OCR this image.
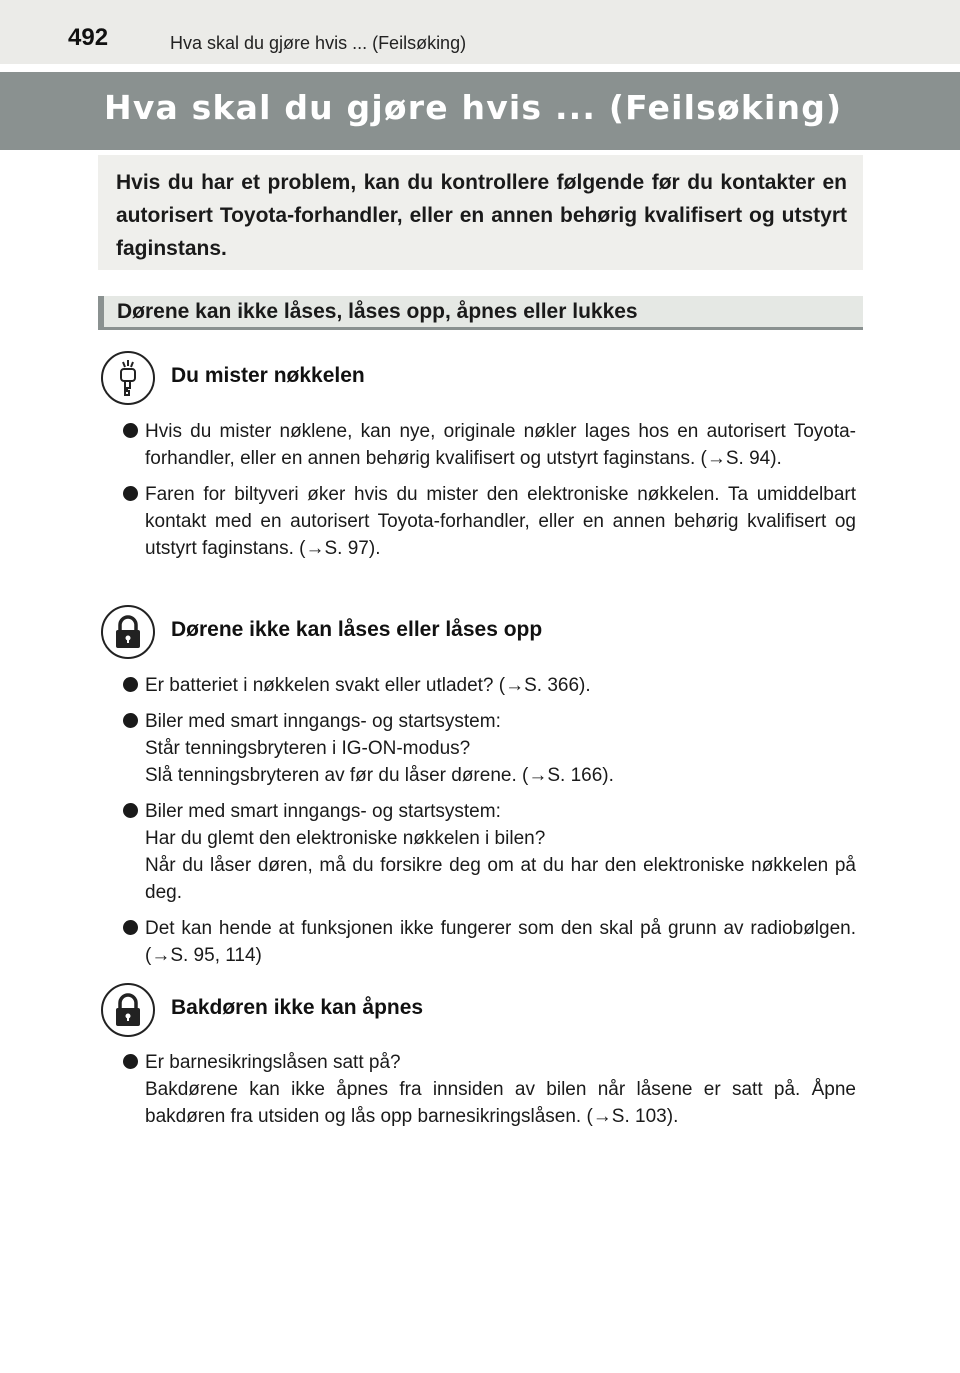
492	Hva skal du gjøre hvis ... (Feilsøking)
Hva skal du gjøre hvis ... (Feilsøking)

Hvis du har et problem, kan du kontrollere følgende før du kontakter en autorisert Toyota-forhandler, eller en annen behørig kvalifisert og utstyrt faginstans.

Dørene kan ikke låses, låses opp, åpnes eller lukkes
Du mister nøkkelen
Hvis du mister nøklene, kan nye, originale nøkler lages hos en autorisert Toyota-forhandler, eller en annen behørig kvalifisert og utstyrt faginstans. (→S. 94).
Faren for biltyveri øker hvis du mister den elektroniske nøkkelen. Ta umiddelbart kontakt med en autorisert Toyota-forhandler, eller en annen behørig kvalifisert og utstyrt faginstans. (→S. 97).
Dørene ikke kan låses eller låses opp
Er batteriet i nøkkelen svakt eller utladet? (→S. 366).
Biler med smart inngangs- og startsystem:
Står tenningsbryteren i IG-ON-modus?
Slå tenningsbryteren av før du låser dørene. (→S. 166).
Biler med smart inngangs- og startsystem:
Har du glemt den elektroniske nøkkelen i bilen?
Når du låser døren, må du forsikre deg om at du har den elektroniske nøkkelen på deg.
Det kan hende at funksjonen ikke fungerer som den skal på grunn av radiobølgen. (→S. 95, 114)
Bakdøren ikke kan åpnes
Er barnesikringslåsen satt på?
Bakdørene kan ikke åpnes fra innsiden av bilen når låsene er satt på. Åpne bakdøren fra utsiden og lås opp barnesikringslåsen. (→S. 103).
